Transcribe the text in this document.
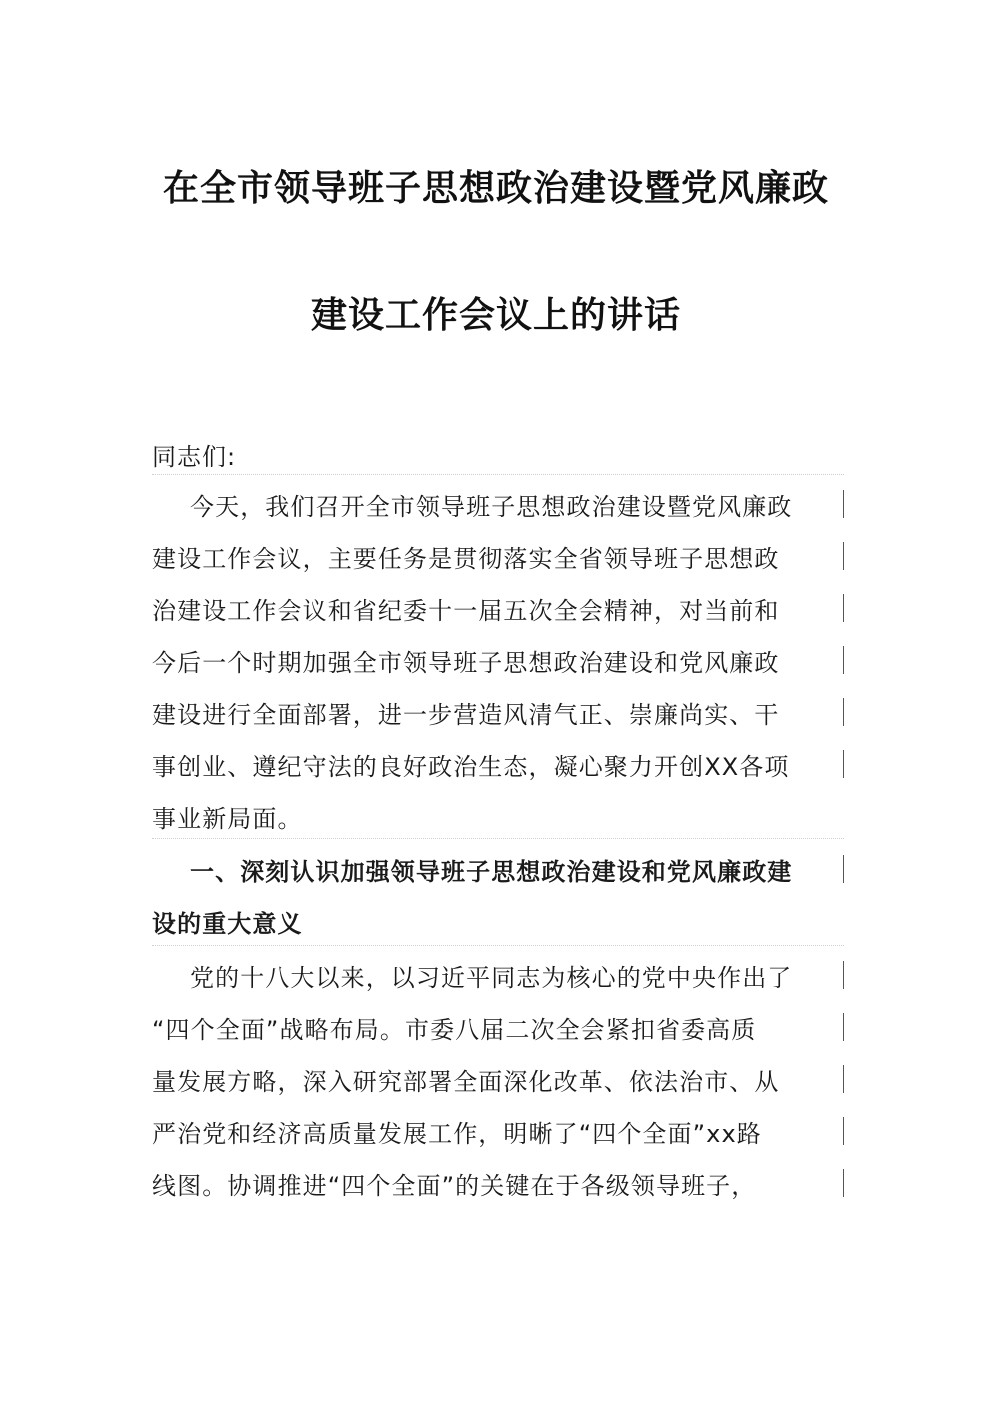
在全市领导班子思想政治建设暨党风廉政
建设工作会议上的讲话
同志们:
今天，我们召开全市领导班子思想政治建设暨党风廉政
建设工作会议，主要任务是贯彻落实全省领导班子思想政
治建设工作会议和省纪委十一届五次全会精神，对当前和
今后一个时期加强全市领导班子思想政治建设和党风廉政
建设进行全面部署，进一步营造风清气正、崇廉尚实、干
事创业、遵纪守法的良好政治生态，凝心聚力开创XX各项
事业新局面。
一、深刻认识加强领导班子思想政治建设和党风廉政建
设的重大意义
党的十八大以来，以习近平同志为核心的党中央作出了
“四个全面”战略布局。市委八届二次全会紧扣省委高质
量发展方略，深入研究部署全面深化改革、依法治市、从
严治党和经济高质量发展工作，明晰了“四个全面”xx路
线图。协调推进“四个全面”的关键在于各级领导班子，
